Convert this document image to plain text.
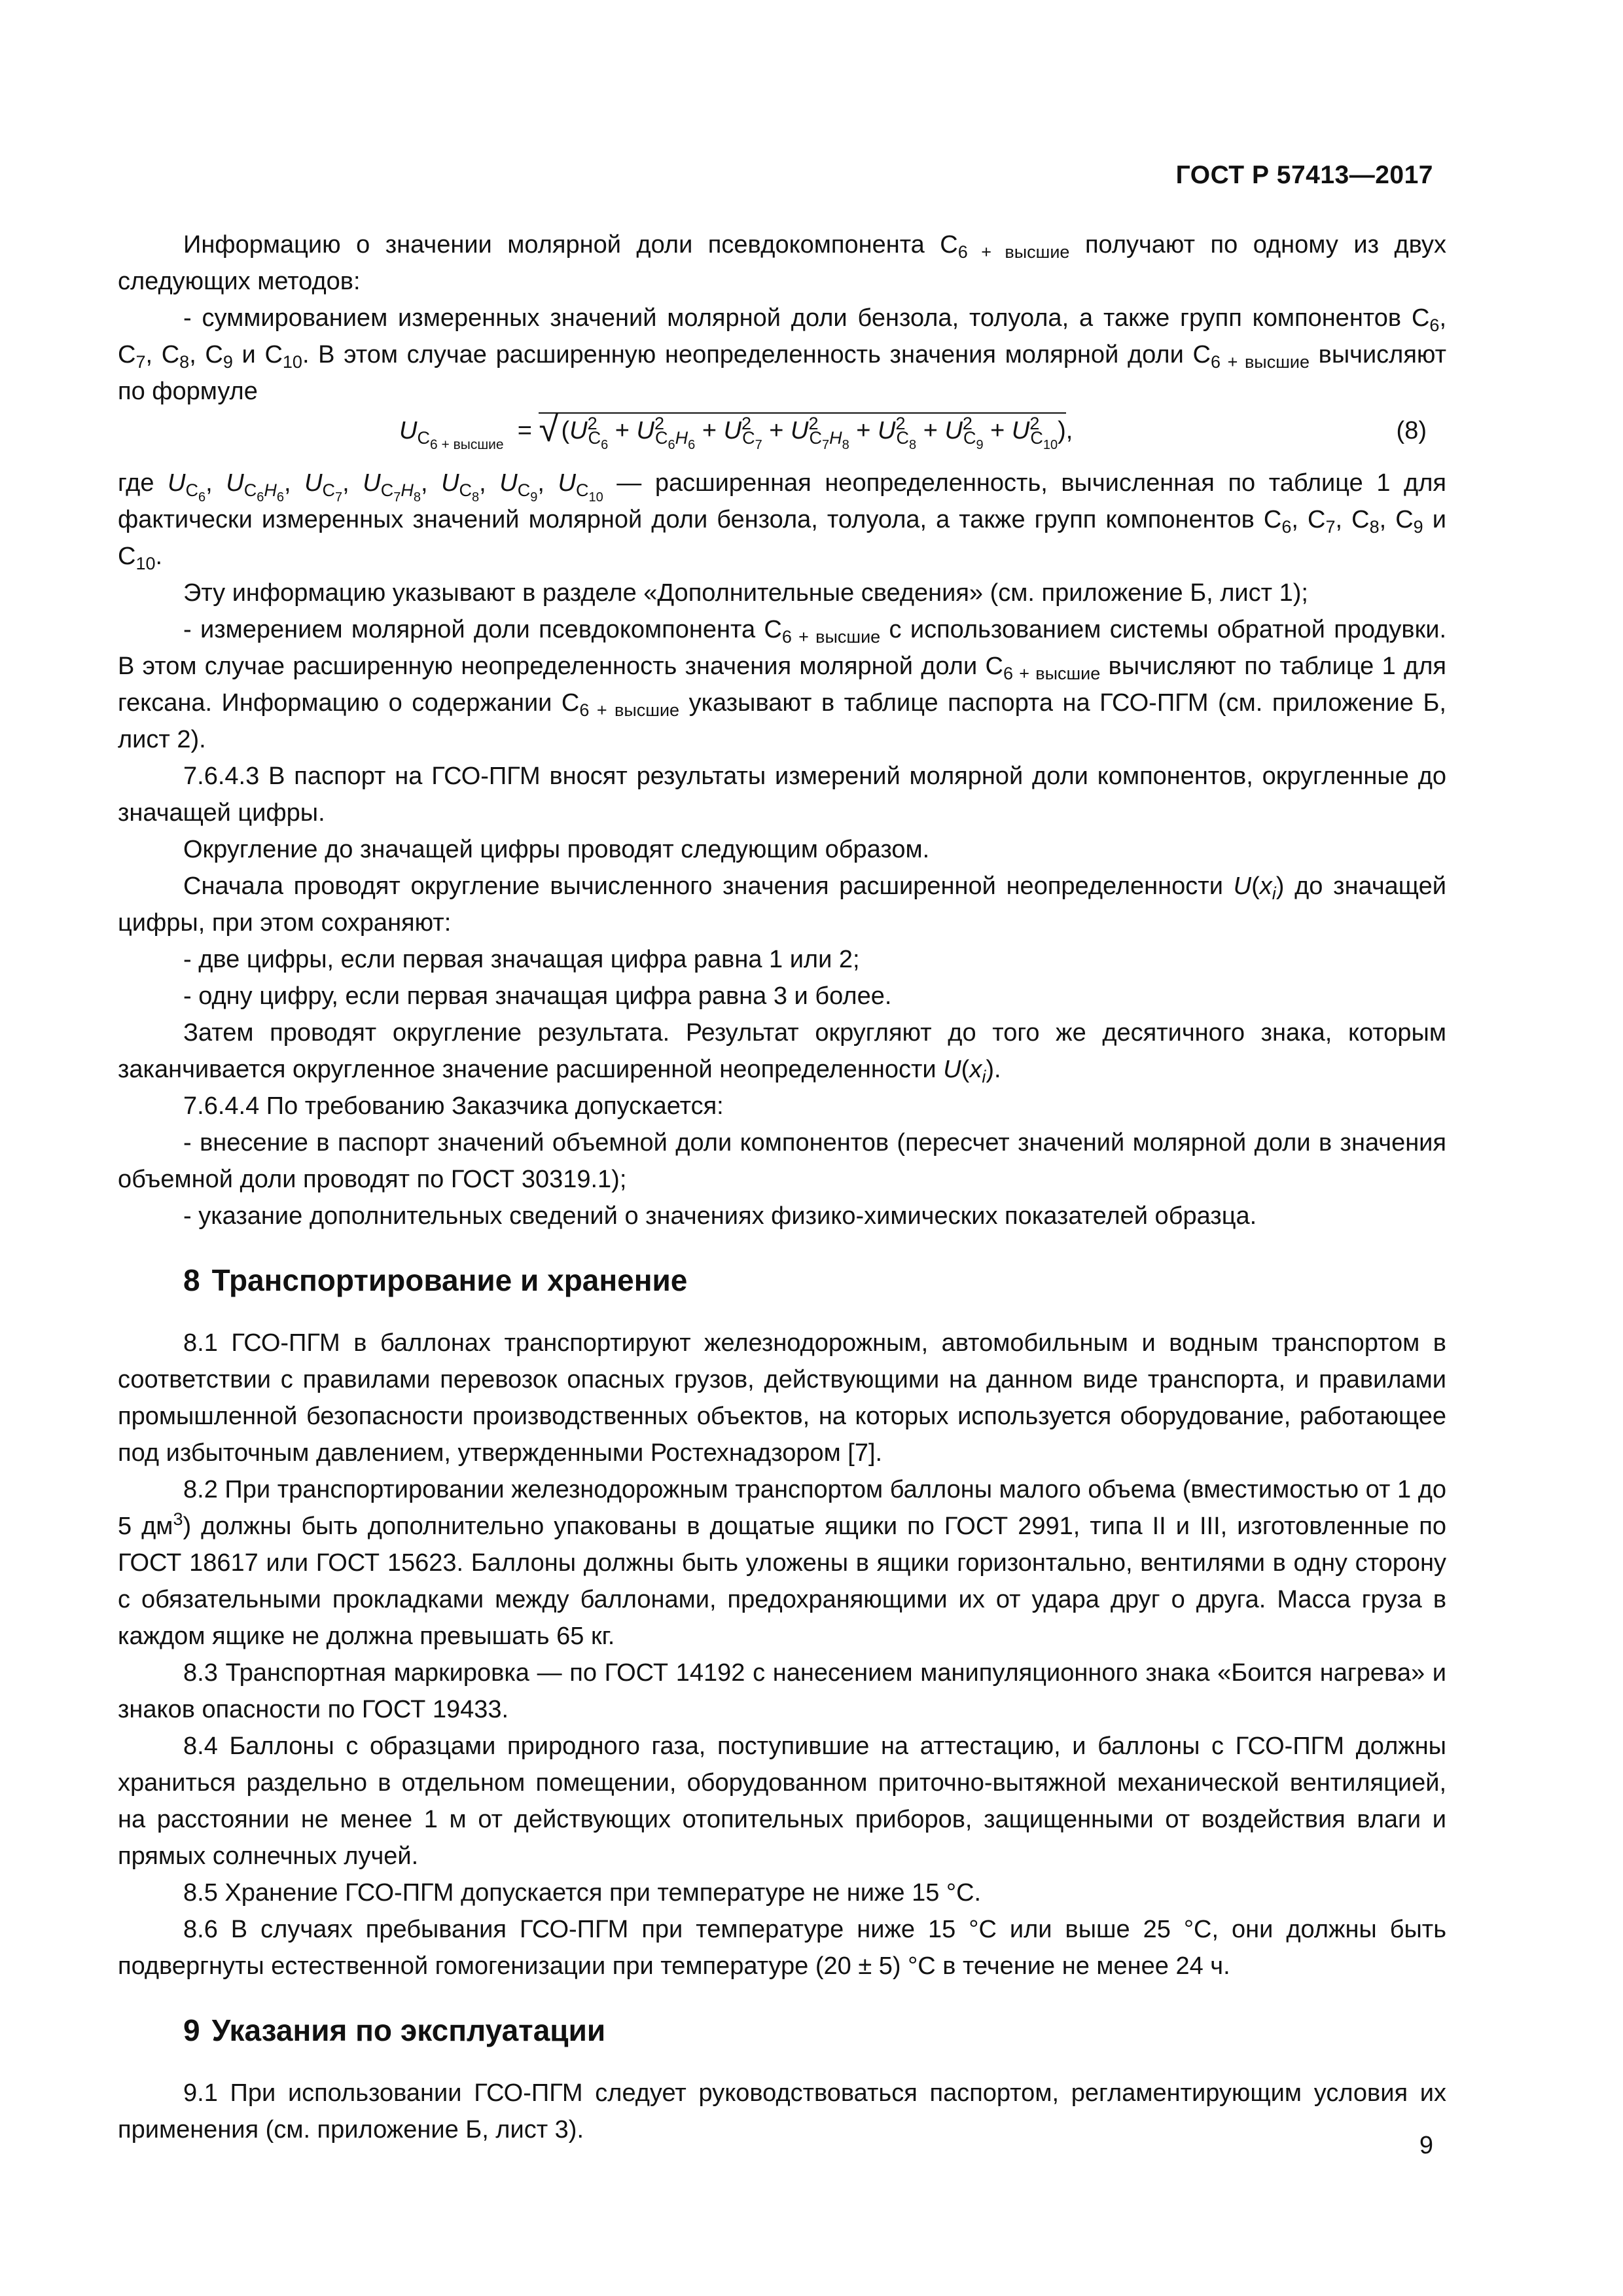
ГОСТ Р 57413—2017

Информацию о значении молярной доли псевдокомпонента $С_{6 + высшие}$ получают по одному из двух следующих методов:

- суммированием измеренных значений молярной доли бензола, толуола, а также групп компонентов $С_6$, $С_7$, $С_8$, $С_9$ и $С_{10}$. В этом случае расширенную неопределенность значения молярной доли $С_{6 + высшие}$ вычисляют по формуле

$U_{C_{6 + высшие}}$  = √ $(U^2_{C_6} + U^2_{C_6H_6} + U^2_{C_7} + U^2_{C_7H_8} + U^2_{C_8} + U^2_{C_9} + U^2_{C_{10}})$,	(8)

где $U_{C_6}$, $U_{C_6H_6}$, $U_{C_7}$, $U_{C_7H_8}$, $U_{C_8}$, $U_{C_9}$, $U_{C_{10}}$ — расширенная неопределенность, вычисленная по таблице 1 для фактически измеренных значений молярной доли бензола, толуола, а также групп компонентов $С_6$, $С_7$, $С_8$, $С_9$ и $С_{10}$.

Эту информацию указывают в разделе «Дополнительные сведения» (см. приложение Б, лист 1);

- измерением молярной доли псевдокомпонента $С_{6 + высшие}$ с использованием системы обратной продувки. В этом случае расширенную неопределенность значения молярной доли $С_{6 + высшие}$ вычисляют по таблице 1 для гексана. Информацию о содержании $С_{6 + высшие}$ указывают в таблице паспорта на ГСО-ПГМ (см. приложение Б, лист 2).

7.6.4.3 В паспорт на ГСО-ПГМ вносят результаты измерений молярной доли компонентов, округленные до значащей цифры.

Округление до значащей цифры проводят следующим образом.

Сначала проводят округление вычисленного значения расширенной неопределенности $U(x_i)$ до значащей цифры, при этом сохраняют:

- две цифры, если первая значащая цифра равна 1 или 2;

- одну цифру, если первая значащая цифра равна 3 и более.

Затем проводят округление результата. Результат округляют до того же десятичного знака, которым заканчивается округленное значение расширенной неопределенности $U(x_i)$.

7.6.4.4 По требованию Заказчика допускается:

- внесение в паспорт значений объемной доли компонентов (пересчет значений молярной доли в значения объемной доли проводят по ГОСТ 30319.1);

- указание дополнительных сведений о значениях физико-химических показателей образца.

8 Транспортирование и хранение

8.1 ГСО-ПГМ в баллонах транспортируют железнодорожным, автомобильным и водным транспортом в соответствии с правилами перевозок опасных грузов, действующими на данном виде транспорта, и правилами промышленной безопасности производственных объектов, на которых используется оборудование, работающее под избыточным давлением, утвержденными Ростехнадзором [7].

8.2 При транспортировании железнодорожным транспортом баллоны малого объема (вместимостью от 1 до 5 $дм^3$) должны быть дополнительно упакованы в дощатые ящики по ГОСТ 2991, типа II и III, изготовленные по ГОСТ 18617 или ГОСТ 15623. Баллоны должны быть уложены в ящики горизонтально, вентилями в одну сторону с обязательными прокладками между баллонами, предохраняющими их от удара друг о друга. Масса груза в каждом ящике не должна превышать 65 кг.

8.3 Транспортная маркировка — по ГОСТ 14192 с нанесением манипуляционного знака «Боится нагрева» и знаков опасности по ГОСТ 19433.

8.4 Баллоны с образцами природного газа, поступившие на аттестацию, и баллоны с ГСО-ПГМ должны храниться раздельно в отдельном помещении, оборудованном приточно-вытяжной механической вентиляцией, на расстоянии не менее 1 м от действующих отопительных приборов, защищенными от воздействия влаги и прямых солнечных лучей.

8.5 Хранение ГСО-ПГМ допускается при температуре не ниже 15 °С.

8.6 В случаях пребывания ГСО-ПГМ при температуре ниже 15 °С или выше 25 °С, они должны быть подвергнуты естественной гомогенизации при температуре (20 ± 5) °С в течение не менее 24 ч.

9 Указания по эксплуатации

9.1 При использовании ГСО-ПГМ следует руководствоваться паспортом, регламентирующим условия их применения (см. приложение Б, лист 3).

9
